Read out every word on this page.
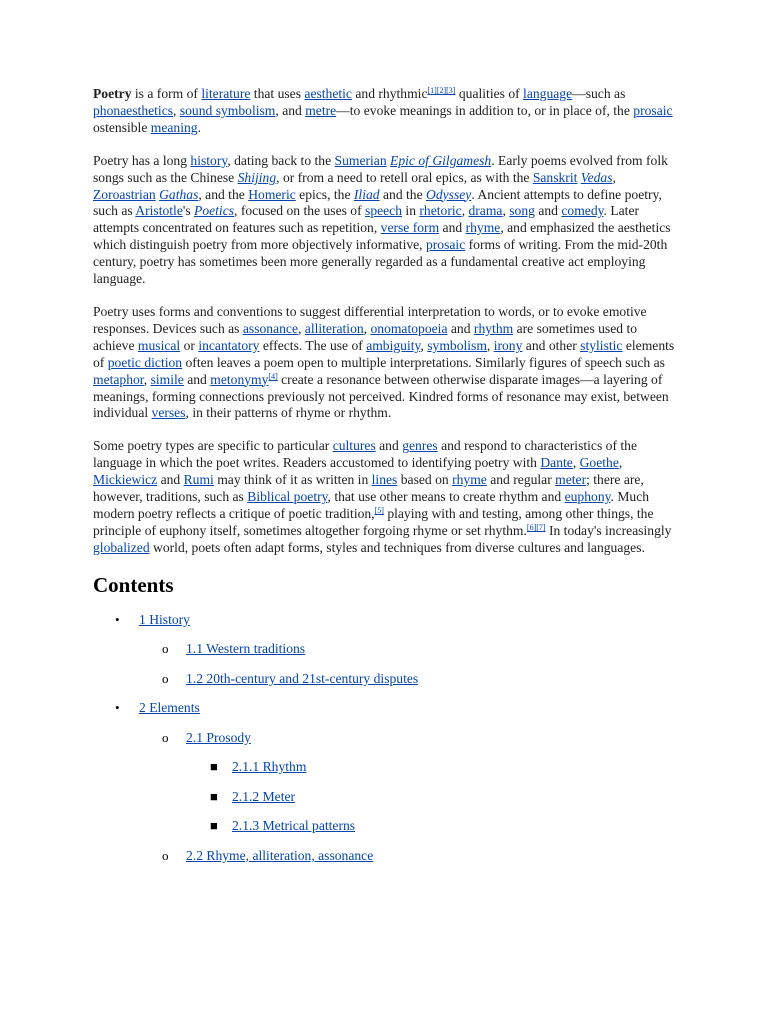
Poetry is a form of literature that uses aesthetic and rhythmic[1][2][3] qualities of language—such as phonaesthetics, sound symbolism, and metre—to evoke meanings in addition to, or in place of, the prosaic ostensible meaning.

Poetry has a long history, dating back to the Sumerian Epic of Gilgamesh. Early poems evolved from folk songs such as the Chinese Shijing, or from a need to retell oral epics, as with the Sanskrit Vedas, Zoroastrian Gathas, and the Homeric epics, the Iliad and the Odyssey. Ancient attempts to define poetry, such as Aristotle's Poetics, focused on the uses of speech in rhetoric, drama, song and comedy. Later attempts concentrated on features such as repetition, verse form and rhyme, and emphasized the aesthetics which distinguish poetry from more objectively informative, prosaic forms of writing. From the mid-20th century, poetry has sometimes been more generally regarded as a fundamental creative act employing language.

Poetry uses forms and conventions to suggest differential interpretation to words, or to evoke emotive responses. Devices such as assonance, alliteration, onomatopoeia and rhythm are sometimes used to achieve musical or incantatory effects. The use of ambiguity, symbolism, irony and other stylistic elements of poetic diction often leaves a poem open to multiple interpretations. Similarly figures of speech such as metaphor, simile and metonymy[4] create a resonance between otherwise disparate images—a layering of meanings, forming connections previously not perceived. Kindred forms of resonance may exist, between individual verses, in their patterns of rhyme or rhythm.

Some poetry types are specific to particular cultures and genres and respond to characteristics of the language in which the poet writes. Readers accustomed to identifying poetry with Dante, Goethe, Mickiewicz and Rumi may think of it as written in lines based on rhyme and regular meter; there are, however, traditions, such as Biblical poetry, that use other means to create rhythm and euphony. Much modern poetry reflects a critique of poetic tradition,[5] playing with and testing, among other things, the principle of euphony itself, sometimes altogether forgoing rhyme or set rhythm.[6][7] In today's increasingly globalized world, poets often adapt forms, styles and techniques from diverse cultures and languages.

Contents
• 1 History
o 1.1 Western traditions
o 1.2 20th-century and 21st-century disputes
• 2 Elements
o 2.1 Prosody
■ 2.1.1 Rhythm
■ 2.1.2 Meter
■ 2.1.3 Metrical patterns
o 2.2 Rhyme, alliteration, assonance
